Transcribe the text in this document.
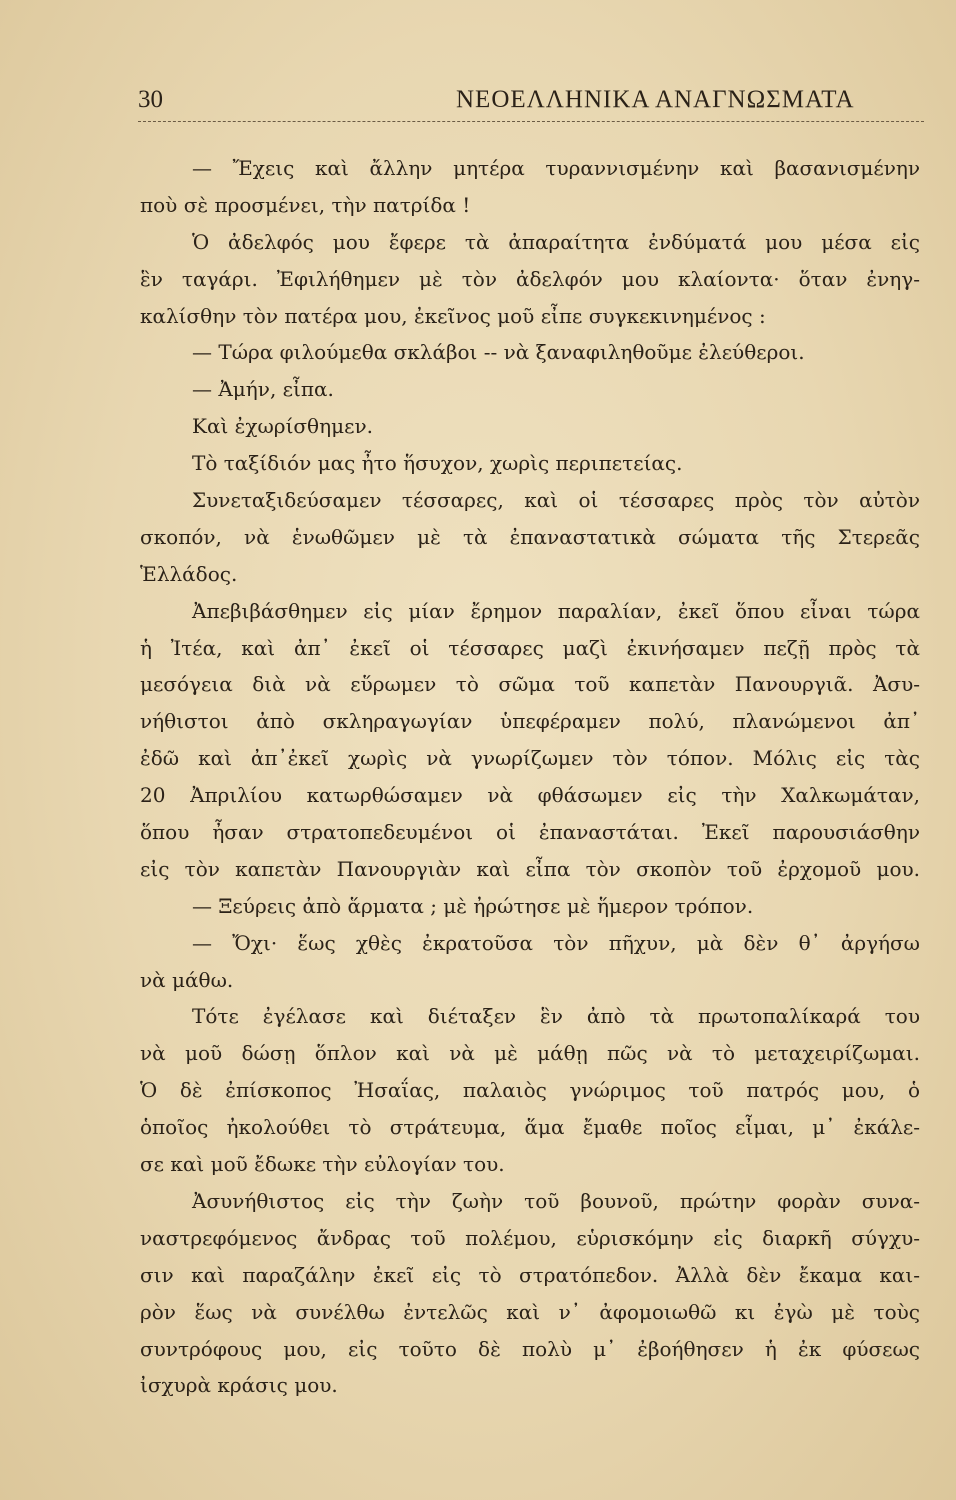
30	ΝΕΟΕΛΛΗΝΙΚΑ ΑΝΑΓΝΩΣΜΑΤΑ
— Ἔχεις καὶ ἄλλην μητέρα τυραννισμένην καὶ βασανισμένην
ποὺ σὲ προσμένει, τὴν πατρίδα !
Ὁ ἀδελφός μου ἔφερε τὰ ἀπαραίτητα ἐνδύματά μου μέσα εἰς
ἓν ταγάρι. Ἐφιλήθημεν μὲ τὸν ἀδελφόν μου κλαίοντα· ὅταν ἐνηγ-
καλίσθην τὸν πατέρα μου, ἐκεῖνος μοῦ εἶπε συγκεκινημένος :
— Τώρα φιλούμεθα σκλάβοι -- νὰ ξαναφιληθοῦμε ἐλεύθεροι.
— Ἀμήν, εἶπα.
Καὶ ἐχωρίσθημεν.
Τὸ ταξίδιόν μας ἦτο ἥσυχον, χωρὶς περιπετείας.
Συνεταξιδεύσαμεν τέσσαρες, καὶ οἱ τέσσαρες πρὸς τὸν αὐτὸν
σκοπόν, νὰ ἑνωθῶμεν μὲ τὰ ἐπαναστατικὰ σώματα τῆς Στερεᾶς
Ἑλλάδος.
Ἀπεβιβάσθημεν εἰς μίαν ἔρημον παραλίαν, ἐκεῖ ὅπου εἶναι τώρα
ἡ Ἰτέα, καὶ ἀπ᾿ ἐκεῖ οἱ τέσσαρες μαζὶ ἐκινήσαμεν πεζῇ πρὸς τὰ
μεσόγεια διὰ νὰ εὕρωμεν τὸ σῶμα τοῦ καπετὰν Πανουργιᾶ. Ἀσυ-
νήθιστοι ἀπὸ σκληραγωγίαν ὑπεφέραμεν πολύ, πλανώμενοι ἀπ᾿
ἐδῶ καὶ ἀπ᾿ἐκεῖ χωρὶς νὰ γνωρίζωμεν τὸν τόπον. Μόλις εἰς τὰς
20 Ἀπριλίου κατωρθώσαμεν νὰ φθάσωμεν εἰς τὴν Χαλκωμάταν,
ὅπου ἦσαν στρατοπεδευμένοι οἱ ἐπαναστάται. Ἐκεῖ παρουσιάσθην
εἰς τὸν καπετὰν Πανουργιὰν καὶ εἶπα τὸν σκοπὸν τοῦ ἐρχομοῦ μου.
— Ξεύρεις ἀπὸ ἅρματα ; μὲ ἠρώτησε μὲ ἥμερον τρόπον.
— Ὄχι· ἕως χθὲς ἐκρατοῦσα τὸν πῆχυν, μὰ δὲν θ᾿ ἀργήσω
νὰ μάθω.
Τότε ἐγέλασε καὶ διέταξεν ἓν ἀπὸ τὰ πρωτοπαλίκαρά του
νὰ μοῦ δώσῃ ὅπλον καὶ νὰ μὲ μάθῃ πῶς νὰ τὸ μεταχειρίζωμαι.
Ὁ δὲ ἐπίσκοπος Ἠσαΐας, παλαιὸς γνώριμος τοῦ πατρός μου, ὁ
ὁποῖος ἠκολούθει τὸ στράτευμα, ἅμα ἔμαθε ποῖος εἶμαι, μ᾿ ἐκάλε-
σε καὶ μοῦ ἔδωκε τὴν εὐλογίαν του.
Ἀσυνήθιστος εἰς τὴν ζωὴν τοῦ βουνοῦ, πρώτην φορὰν συνα-
ναστρεφόμενος ἄνδρας τοῦ πολέμου, εὑρισκόμην εἰς διαρκῆ σύγχυ-
σιν καὶ παραζάλην ἐκεῖ εἰς τὸ στρατόπεδον. Ἀλλὰ δὲν ἔκαμα και-
ρὸν ἕως νὰ συνέλθω ἐντελῶς καὶ ν᾿ ἀφομοιωθῶ κι ἐγὼ μὲ τοὺς
συντρόφους μου, εἰς τοῦτο δὲ πολὺ μ᾿ ἐβοήθησεν ἡ ἐκ φύσεως
ἰσχυρὰ κράσις μου.
